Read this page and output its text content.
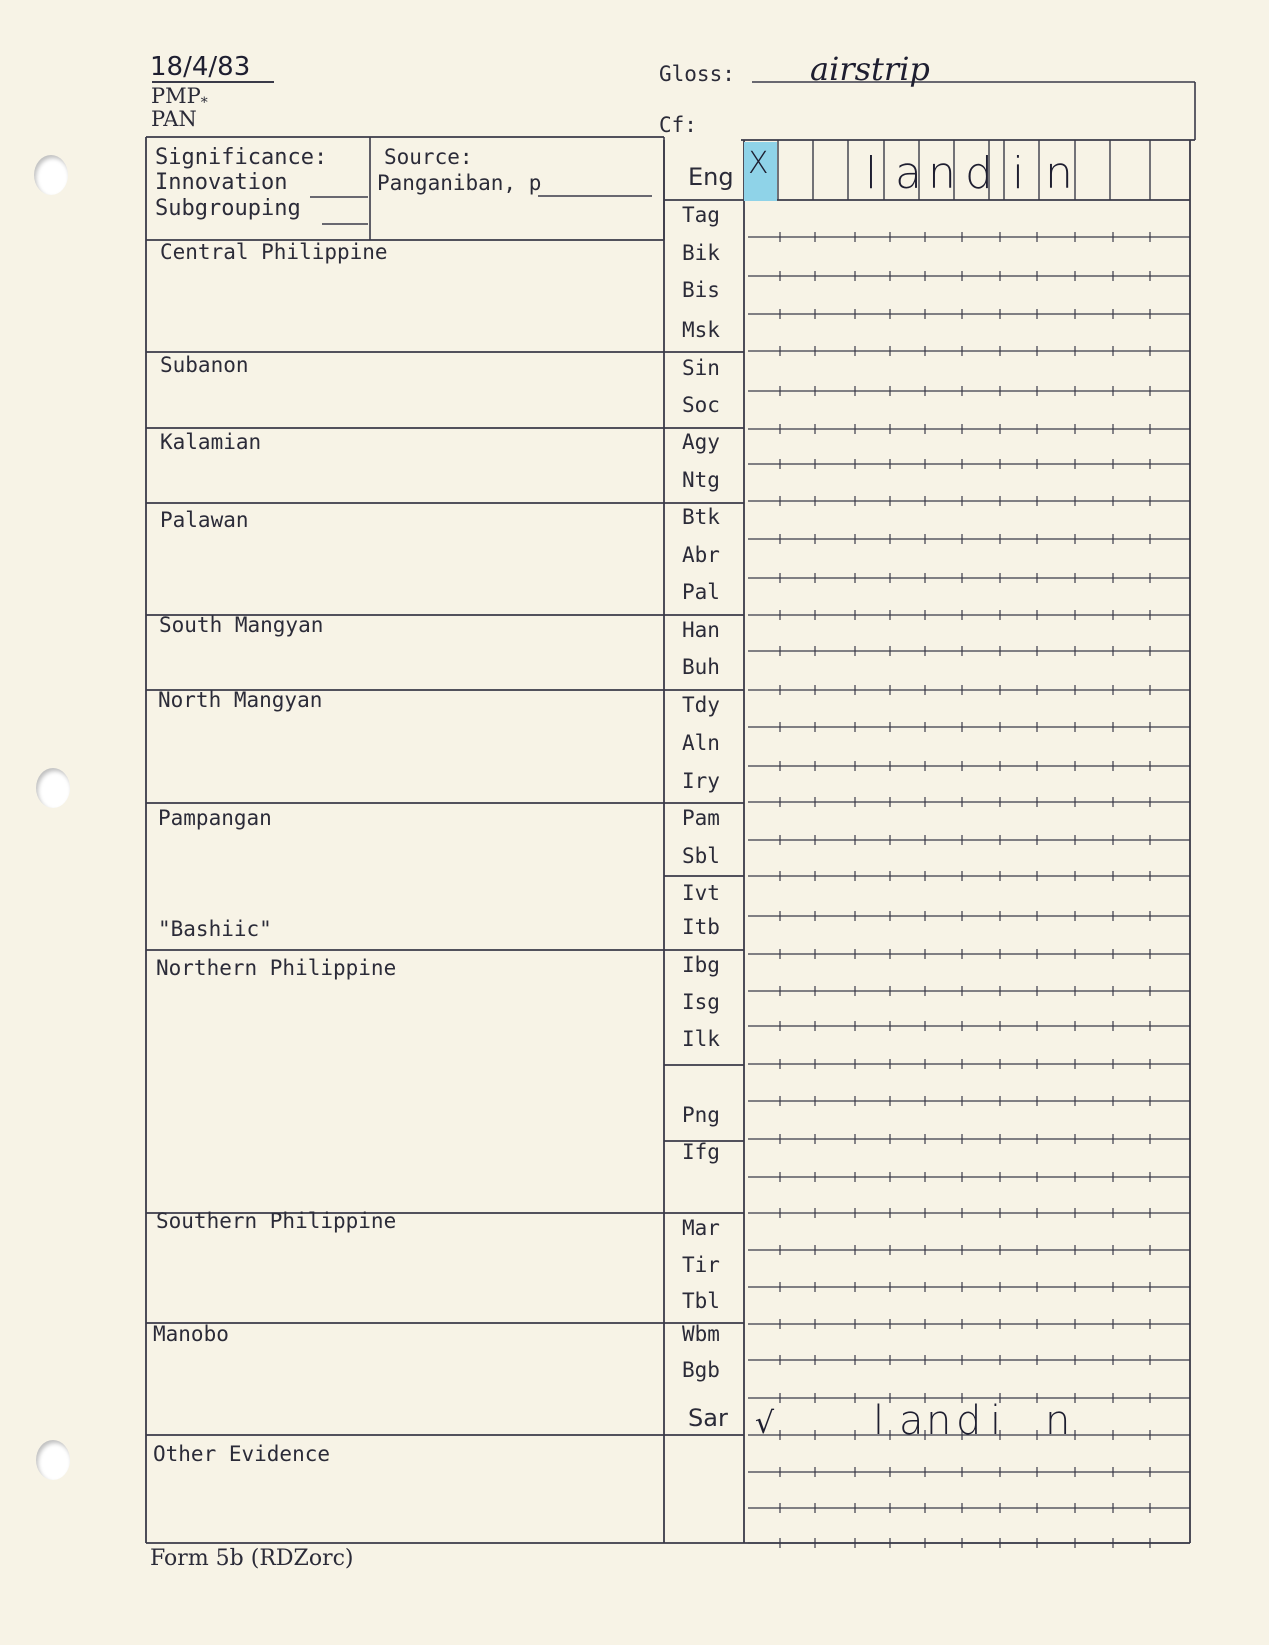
18/4/83
PMP*
PAN
Gloss: airstrip
Cf:
Significance:
Innovation
Subgrouping
Source:
Panganiban, p
Central Philippine
Subanon
Kalamian
Palawan
South Mangyan
North Mangyan
Pampangan
"Bashiic"
Northern Philippine
Southern Philippine
Manobo
Other Evidence
Eng
Tag
Bik
Bis
Msk
Sin
Soc
Agy
Ntg
Btk
Abr
Pal
Han
Buh
Tdy
Aln
Iry
Pam
Sbl
Ivt
Itb
Ibg
Isg
Ilk
Png
Ifg
Mar
Tir
Tbl
Wbm
Bgb
Sar
X l a n d i n
√ l a n d i n
Form 5b (RDZorc)
